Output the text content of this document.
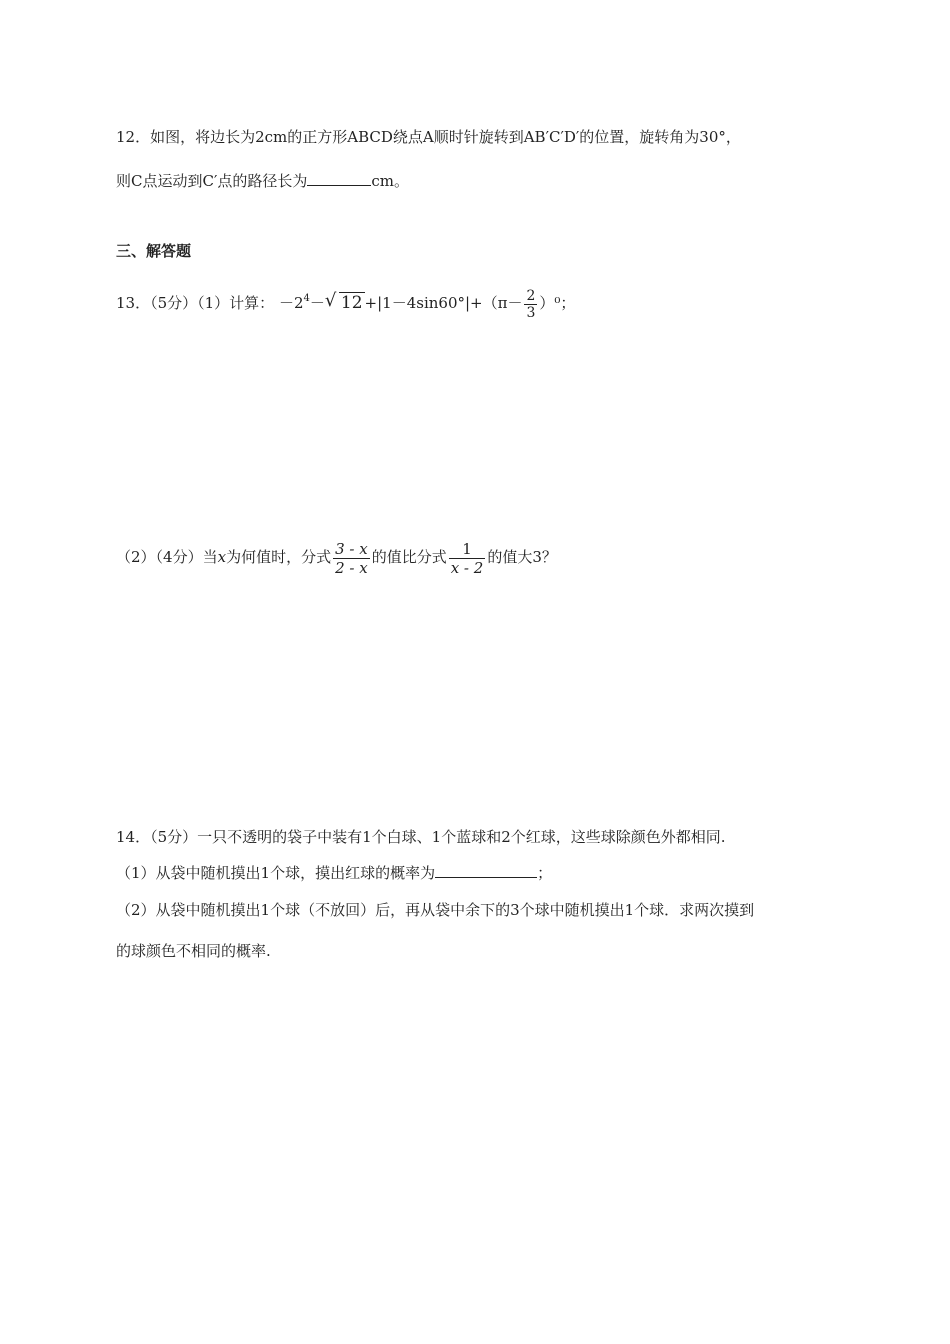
12．如图，将边长为2cm的正方形ABCD绕点A顺时针旋转到AB′C′D′的位置，旋转角为30°，
则C点运动到C′点的路径长为	cm。
三、解答题
13．（5分）（1）计算： $-2^4-$ √ $12 +|1-4\sin 60^\circ|+(\pi- \frac{2}{3} )^0$；
（2）（4分）当x为何值时，分式 $\frac{3 - x}{2 - x}$ 的值比分式 $\frac{1}{x - 2}$ 的值大3？
14．（5分）一只不透明的袋子中装有1个白球、1个蓝球和2个红球，这些球除颜色外都相同.
（1）从袋中随机摸出1个球，摸出红球的概率为	；
（2）从袋中随机摸出1个球（不放回）后，再从袋中余下的3个球中随机摸出1个球．求两次摸到
的球颜色不相同的概率.
